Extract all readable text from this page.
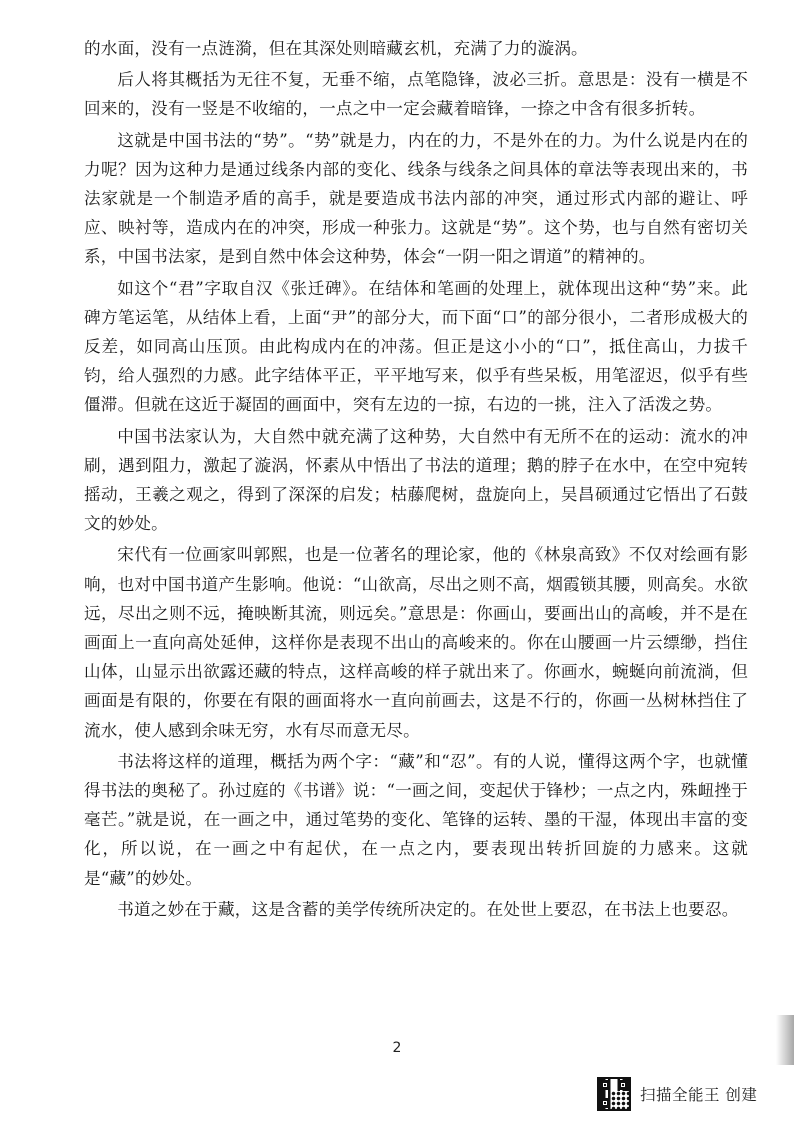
的水面，没有一点涟漪，但在其深处则暗藏玄机，充满了力的漩涡。

后人将其概括为无往不复，无垂不缩，点笔隐锋，波必三折。意思是：没有一横是不回来的，没有一竖是不收缩的，一点之中一定会藏着暗锋，一捺之中含有很多折转。

这就是中国书法的“势”。“势”就是力，内在的力，不是外在的力。为什么说是内在的力呢？因为这种力是通过线条内部的变化、线条与线条之间具体的章法等表现出来的，书法家就是一个制造矛盾的高手，就是要造成书法内部的冲突，通过形式内部的避让、呼应、映衬等，造成内在的冲突，形成一种张力。这就是“势”。这个势，也与自然有密切关系，中国书法家，是到自然中体会这种势，体会“一阴一阳之谓道”的精神的。

如这个“君”字取自汉《张迁碑》。在结体和笔画的处理上，就体现出这种“势”来。此碑方笔运笔，从结体上看，上面“尹”的部分大，而下面“口”的部分很小，二者形成极大的反差，如同高山压顶。由此构成内在的冲荡。但正是这小小的“口”，抵住高山，力拔千钧，给人强烈的力感。此字结体平正，平平地写来，似乎有些呆板，用笔涩迟，似乎有些僵滞。但就在这近于凝固的画面中，突有左边的一掠，右边的一挑，注入了活泼之势。

中国书法家认为，大自然中就充满了这种势，大自然中有无所不在的运动：流水的冲刷，遇到阻力，激起了漩涡，怀素从中悟出了书法的道理；鹅的脖子在水中，在空中宛转摇动，王羲之观之，得到了深深的启发；枯藤爬树，盘旋向上，吴昌硕通过它悟出了石鼓文的妙处。

宋代有一位画家叫郭熙，也是一位著名的理论家，他的《林泉高致》不仅对绘画有影响，也对中国书道产生影响。他说：“山欲高，尽出之则不高，烟霞锁其腰，则高矣。水欲远，尽出之则不远，掩映断其流，则远矣。”意思是：你画山，要画出山的高峻，并不是在画面上一直向高处延伸，这样你是表现不出山的高峻来的。你在山腰画一片云缥缈，挡住山体，山显示出欲露还藏的特点，这样高峻的样子就出来了。你画水，蜿蜒向前流淌，但画面是有限的，你要在有限的画面将水一直向前画去，这是不行的，你画一丛树林挡住了流水，使人感到余味无穷，水有尽而意无尽。

书法将这样的道理，概括为两个字：“藏”和“忍”。有的人说，懂得这两个字，也就懂得书法的奥秘了。孙过庭的《书谱》说：“一画之间，变起伏于锋杪；一点之内，殊衄挫于毫芒。”就是说，在一画之中，通过笔势的变化、笔锋的运转、墨的干湿，体现出丰富的变化，所以说，在一画之中有起伏，在一点之内，要表现出转折回旋的力感来。这就是“藏”的妙处。

书道之妙在于藏，这是含蓄的美学传统所决定的。在处世上要忍，在书法上也要忍。

2
扫描全能王 创建
